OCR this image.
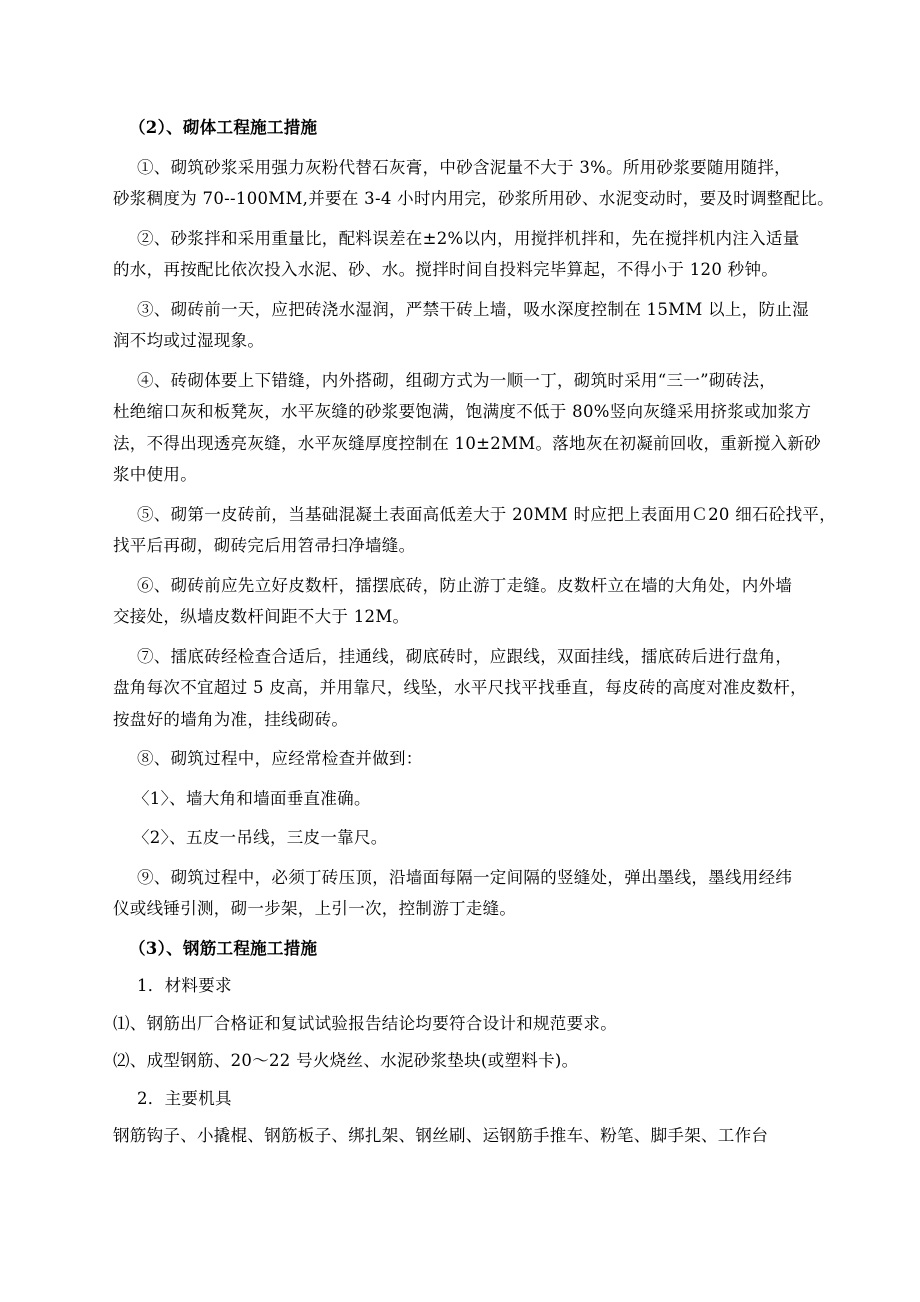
（2）、砌体工程施工措施
①、砌筑砂浆采用强力灰粉代替石灰膏，中砂含泥量不大于 3%。所用砂浆要随用随拌，
砂浆稠度为 70--100MM,并要在 3-4 小时内用完，砂浆所用砂、水泥变动时，要及时调整配比。
②、砂浆拌和采用重量比，配料误差在±2%以内，用搅拌机拌和，先在搅拌机内注入适量
的水，再按配比依次投入水泥、砂、水。搅拌时间自投料完毕算起，不得小于 120 秒钟。
③、砌砖前一天，应把砖浇水湿润，严禁干砖上墙，吸水深度控制在 15MM 以上，防止湿
润不均或过湿现象。
④、砖砌体要上下错缝，内外搭砌，组砌方式为一顺一丁，砌筑时采用“三一”砌砖法，
杜绝缩口灰和板凳灰，水平灰缝的砂浆要饱满，饱满度不低于 80%竖向灰缝采用挤浆或加浆方
法，不得出现透亮灰缝，水平灰缝厚度控制在 10±2MM。落地灰在初凝前回收，重新搅入新砂
浆中使用。
⑤、砌第一皮砖前，当基础混凝土表面高低差大于 20MM 时应把上表面用Ｃ20 细石砼找平，
找平后再砌，砌砖完后用笤帚扫净墙缝。
⑥、砌砖前应先立好皮数杆，擂摆底砖，防止游丁走缝。皮数杆立在墙的大角处，内外墙
交接处，纵墙皮数杆间距不大于 12M。
⑦、擂底砖经检查合适后，挂通线，砌底砖时，应跟线，双面挂线，擂底砖后进行盘角，
盘角每次不宜超过 5 皮高，并用靠尺，线坠，水平尺找平找垂直，每皮砖的高度对准皮数杆，
按盘好的墙角为准，挂线砌砖。
⑧、砌筑过程中，应经常检查并做到：
〈1〉、墙大角和墙面垂直准确。
〈2〉、五皮一吊线，三皮一靠尺。
⑨、砌筑过程中，必须丁砖压顶，沿墙面每隔一定间隔的竖缝处，弹出墨线，墨线用经纬
仪或线锤引测，砌一步架，上引一次，控制游丁走缝。
（3）、钢筋工程施工措施
1．材料要求
⑴、钢筋出厂合格证和复试试验报告结论均要符合设计和规范要求。
⑵、成型钢筋、20～22 号火烧丝、水泥砂浆垫块(或塑料卡)。
2．主要机具
钢筋钩子、小撬棍、钢筋板子、绑扎架、钢丝刷、运钢筋手推车、粉笔、脚手架、工作台
